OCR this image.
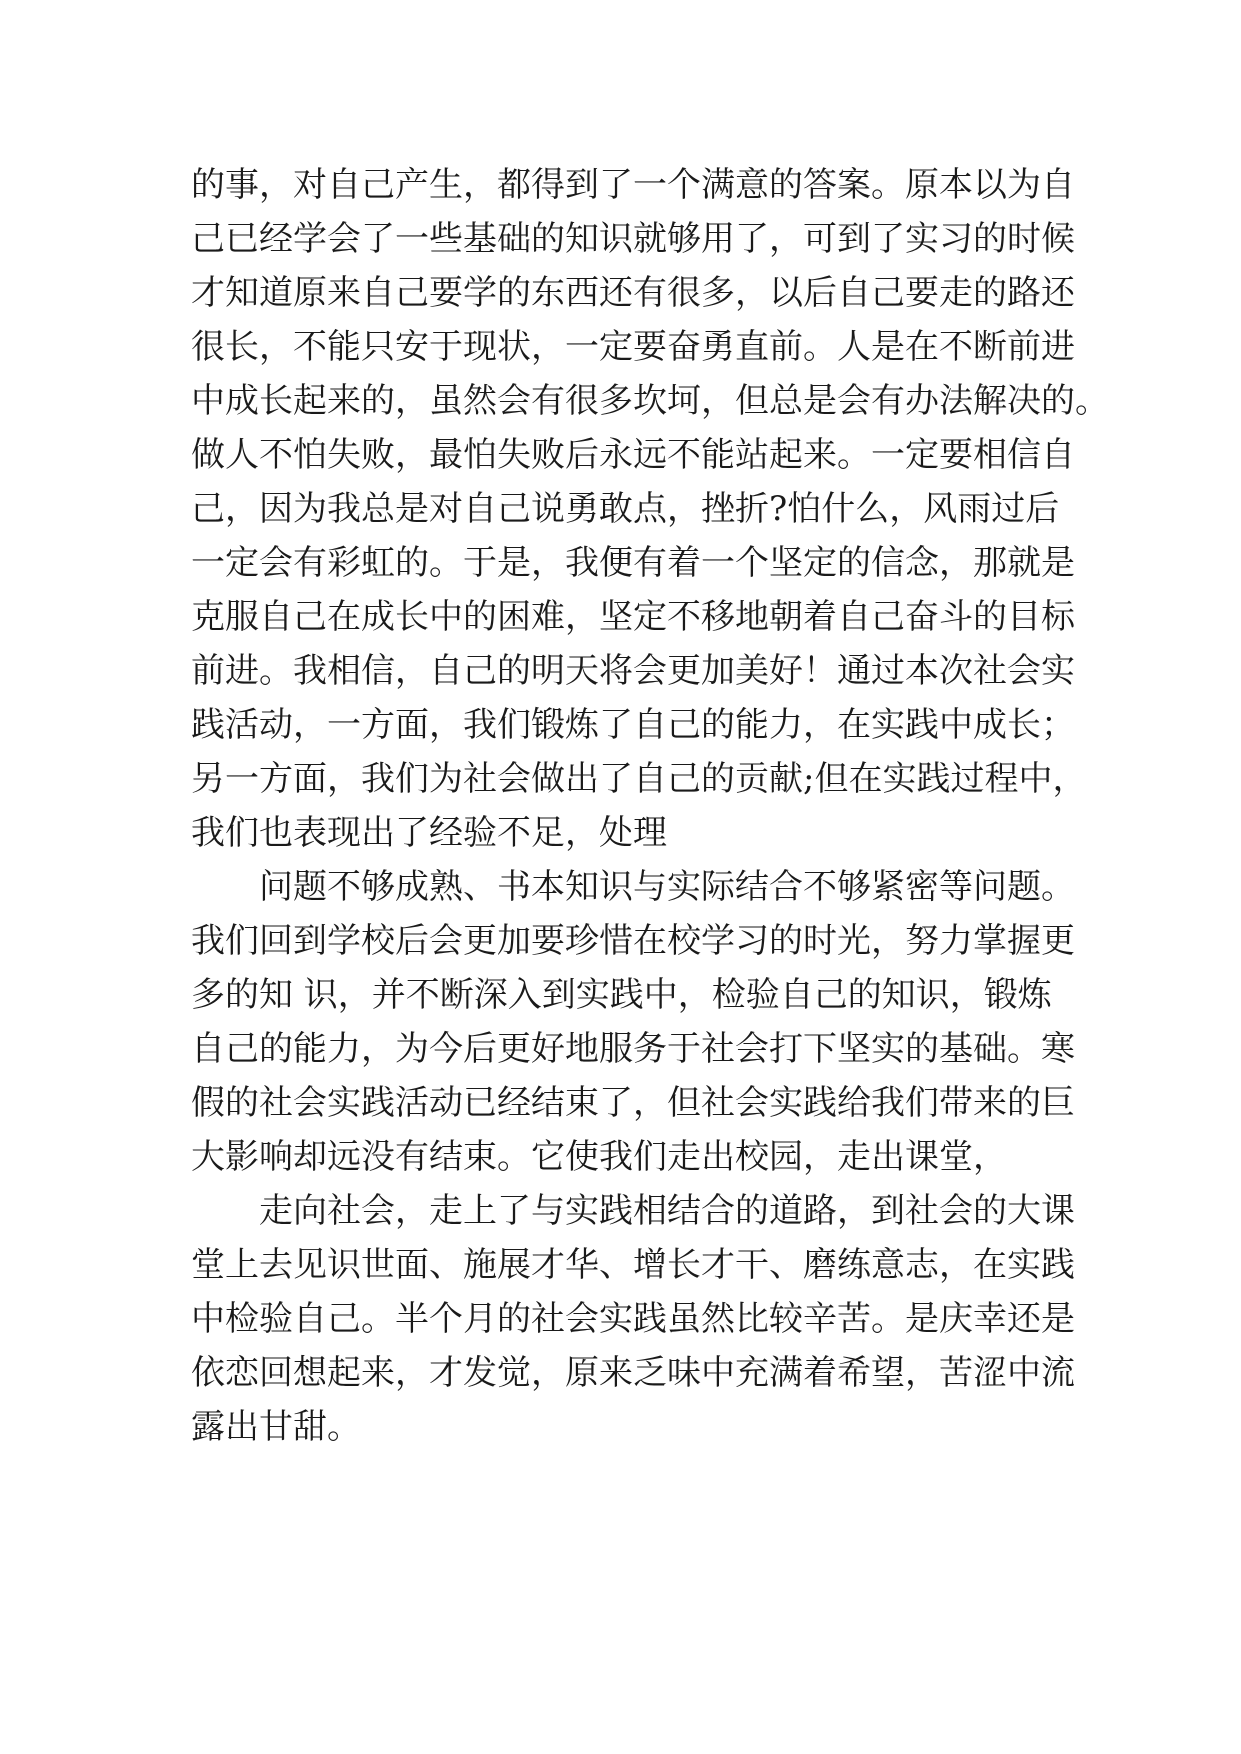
的事，对自己产生，都得到了一个满意的答案。原本以为自
己已经学会了一些基础的知识就够用了，可到了实习的时候
才知道原来自己要学的东西还有很多，以后自己要走的路还
很长，不能只安于现状，一定要奋勇直前。人是在不断前进
中成长起来的，虽然会有很多坎坷，但总是会有办法解决的。
做人不怕失败，最怕失败后永远不能站起来。一定要相信自
己，因为我总是对自己说勇敢点，挫折?怕什么，风雨过后
一定会有彩虹的。于是，我便有着一个坚定的信念，那就是
克服自己在成长中的困难，坚定不移地朝着自己奋斗的目标
前进。我相信，自己的明天将会更加美好！通过本次社会实
践活动，一方面，我们锻炼了自己的能力，在实践中成长；
另一方面，我们为社会做出了自己的贡献;但在实践过程中，
我们也表现出了经验不足，处理
问题不够成熟、书本知识与实际结合不够紧密等问题。
我们回到学校后会更加要珍惜在校学习的时光，努力掌握更
多的知 识，并不断深入到实践中，检验自己的知识，锻炼
自己的能力，为今后更好地服务于社会打下坚实的基础。寒
假的社会实践活动已经结束了，但社会实践给我们带来的巨
大影响却远没有结束。它使我们走出校园，走出课堂，
走向社会，走上了与实践相结合的道路，到社会的大课
堂上去见识世面、施展才华、增长才干、磨练意志，在实践
中检验自己。半个月的社会实践虽然比较辛苦。是庆幸还是
依恋回想起来，才发觉，原来乏味中充满着希望，苦涩中流
露出甘甜。
